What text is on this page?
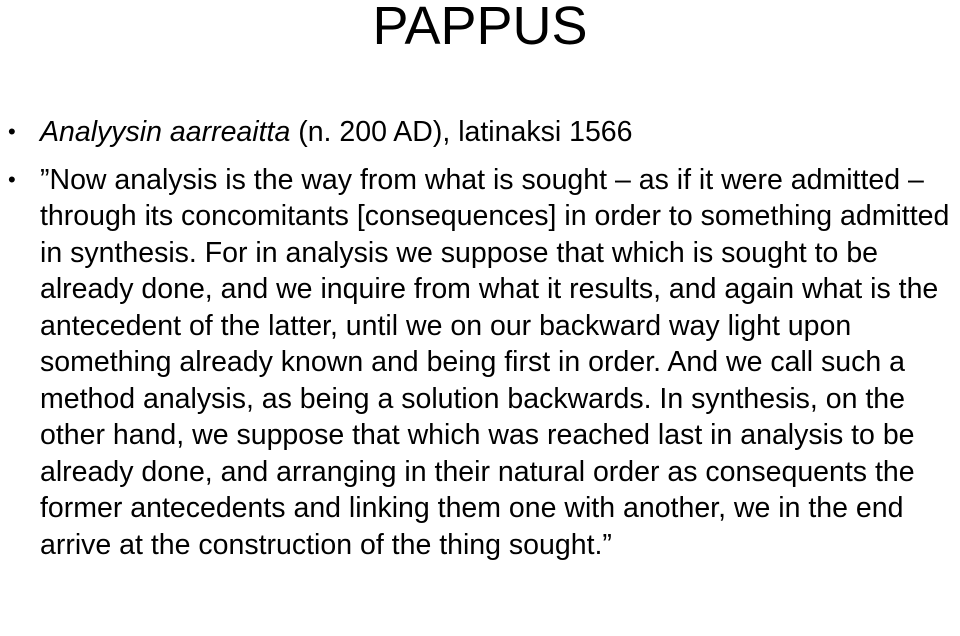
PAPPUS
• Analyysin aarreaitta (n. 200 AD), latinaksi 1566
• ”Now analysis is the way from what is sought – as if it were admitted – through its concomitants [consequences] in order to something admitted in synthesis. For in analysis we suppose that which is sought to be already done, and we inquire from what it results, and again what is the antecedent of the latter, until we on our backward way light upon something already known and being first in order. And we call such a method analysis, as being a solution backwards. In synthesis, on the other hand, we suppose that which was reached last in analysis to be already done, and arranging in their natural order as consequents the former antecedents and linking them one with another, we in the end arrive at the construction of the thing sought.”
